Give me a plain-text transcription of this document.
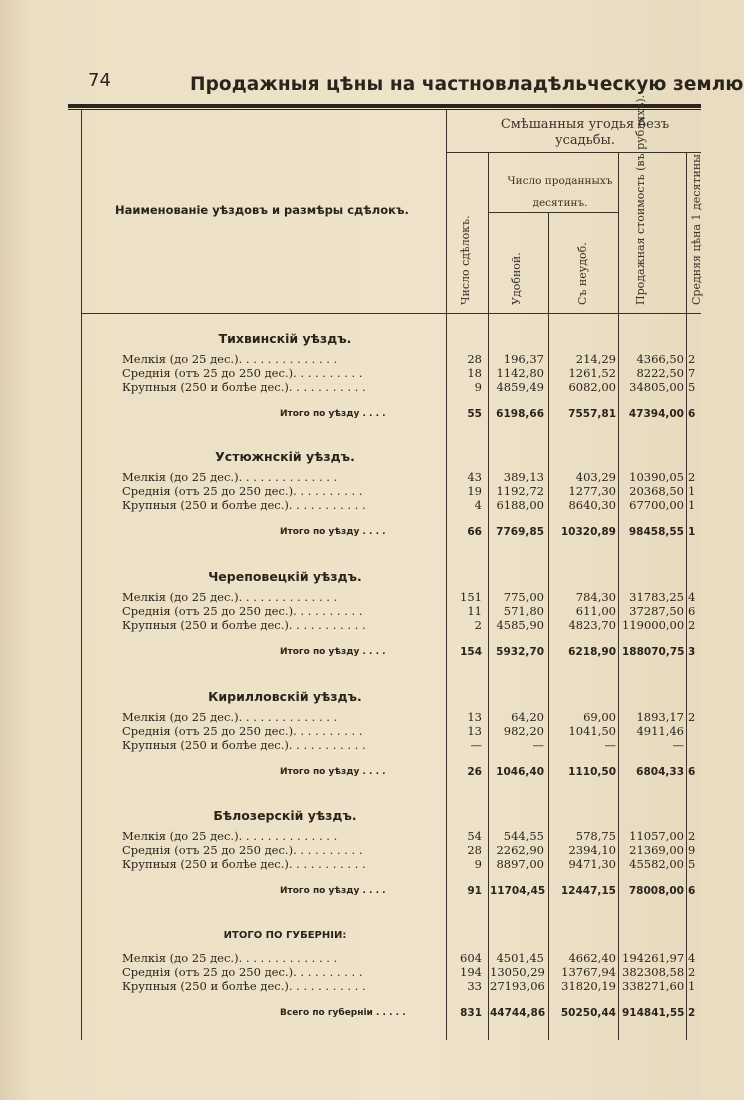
74	Продажныя цѣны на частновладѣльческую землю
Наименованіе уѣздовъ и размѣры сдѣлокъ.
Смѣшанныя угодья безъ усадьбы.
Число проданныхъ десятинъ.
Число сдѣлокъ.	Удобной.	Съ неудоб.	Продажная стоимость (въ рубляхъ).	Средняя цѣна 1 десятины
Тихвинскій уѣздъ.
Мелкія (до 25 дес.). . . . . . . . . . . . . .	28	196,37	214,29	4366,50 2
Среднія (отъ 25 до 250 дес.). . . . . . . . . .	18	1142,80	1261,52	8222,50 7
Крупныя (250 и болѣе дес.). . . . . . . . . . .	9	4859,49	6082,00	34805,00 5
Итого по уѣзду . . . .	55	6198,66	7557,81	47394,00 6
Устюжнскій уѣздъ.
Мелкія (до 25 дес.). . . . . . . . . . . . . .	43	389,13	403,29	10390,05 2
Среднія (отъ 25 до 250 дес.). . . . . . . . . .	19	1192,72	1277,30	20368,50 1
Крупныя (250 и болѣе дес.). . . . . . . . . . .	4	6188,00	8640,30	67700,00 1
Итого по уѣзду . . . .	66	7769,85	10320,89	98458,55 1
Череповецкій уѣздъ.
Мелкія (до 25 дес.). . . . . . . . . . . . . .	151	775,00	784,30	31783,25 4
Среднія (отъ 25 до 250 дес.). . . . . . . . . .	11	571,80	611,00	37287,50 6
Крупныя (250 и болѣе дес.). . . . . . . . . . .	2	4585,90	4823,70 119000,00 2
Итого по уѣзду . . . .	154	5932,70	6218,90 188070,75 3
Кирилловскій уѣздъ.
Мелкія (до 25 дес.). . . . . . . . . . . . . .	13	64,20	69,00	1893,17 2
Среднія (отъ 25 до 250 дес.). . . . . . . . . .	13	982,20	1041,50	4911,46
Крупныя (250 и болѣе дес.). . . . . . . . . . .	—	—	—	—
Итого по уѣзду . . . .	26	1046,40	1110,50	6804,33 6
Бѣлозерскій уѣздъ.
Мелкія (до 25 дес.). . . . . . . . . . . . . .	54	544,55	578,75	11057,00 2
Среднія (отъ 25 до 250 дес.). . . . . . . . . .	28	2262,90	2394,10	21369,00 9
Крупныя (250 и болѣе дес.). . . . . . . . . . .	9	8897,00	9471,30	45582,00 5
Итого по уѣзду . . . .	91 11704,45	12447,15	78008,00 6
ИТОГО ПО ГУБЕРНІИ:
Мелкія (до 25 дес.). . . . . . . . . . . . . .	604	4501,45	4662,40 194261,97 4
Среднія (отъ 25 до 250 дес.). . . . . . . . . .	194 13050,29	13767,94 382308,58 2
Крупныя (250 и болѣе дес.). . . . . . . . . . .	33 27193,06	31820,19 338271,60 1
Всего по губерніи . . . . .	831 44744,86	50250,44 914841,55 2
